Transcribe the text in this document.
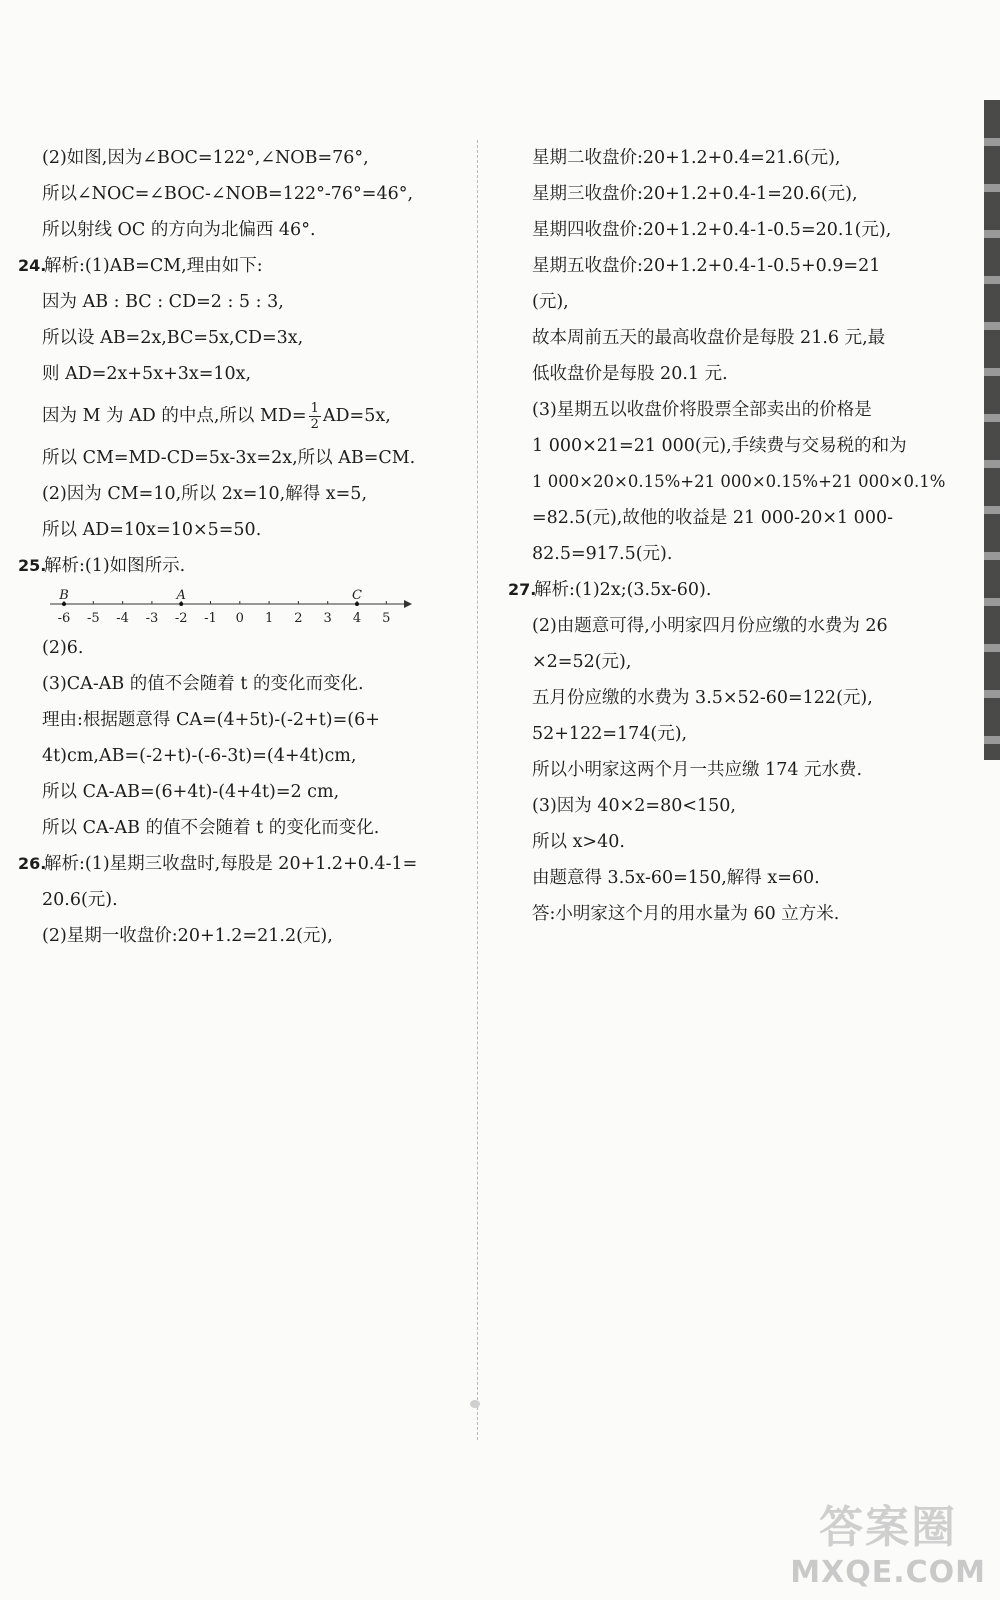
(2)如图,因为∠BOC=122°,∠NOB=76°,
所以∠NOC=∠BOC-∠NOB=122°-76°=46°,
所以射线 OC 的方向为北偏西 46°.
24.解析:(1)AB=CM,理由如下:
因为 AB : BC : CD=2 : 5 : 3,
所以设 AB=2x,BC=5x,CD=3x,
则 AD=2x+5x+3x=10x,
因为 M 为 AD 的中点,所以 $MD= \frac{1}{2} AD=5x$,
所以 CM=MD-CD=5x-3x=2x,所以 AB=CM.
(2)因为 CM=10,所以 2x=10,解得 x=5,
所以 AD=10x=10×5=50.
25.解析:(1)如图所示.
-6 -5 -4 -3 -2 -1 0 1 2 3 4 5
B	A	C
(2)6.
(3)CA-AB 的值不会随着 t 的变化而变化.
理由:根据题意得 CA=(4+5t)-(-2+t)=(6+
4t)cm,AB=(-2+t)-(-6-3t)=(4+4t)cm,
所以 CA-AB=(6+4t)-(4+4t)=2 cm,
所以 CA-AB 的值不会随着 t 的变化而变化.
26.解析:(1)星期三收盘时,每股是 20+1.2+0.4-1=
20.6(元).
(2)星期一收盘价:20+1.2=21.2(元),
星期二收盘价:20+1.2+0.4=21.6(元),
星期三收盘价:20+1.2+0.4-1=20.6(元),
星期四收盘价:20+1.2+0.4-1-0.5=20.1(元),
星期五收盘价:20+1.2+0.4-1-0.5+0.9=21
(元),
故本周前五天的最高收盘价是每股 21.6 元,最
低收盘价是每股 20.1 元.
(3)星期五以收盘价将股票全部卖出的价格是
1 000×21=21 000(元),手续费与交易税的和为
1 000×20×0.15%+21 000×0.15%+21 000×0.1%
=82.5(元),故他的收益是 21 000-20×1 000-
82.5=917.5(元).
27.解析:(1)2x;(3.5x-60).
(2)由题意可得,小明家四月份应缴的水费为 26
×2=52(元),
五月份应缴的水费为 3.5×52-60=122(元),
52+122=174(元),
所以小明家这两个月一共应缴 174 元水费.
(3)因为 40×2=80<150,
所以 x>40.
由题意得 3.5x-60=150,解得 x=60.
答:小明家这个月的用水量为 60 立方米.
答案圈
MXQE.COM
